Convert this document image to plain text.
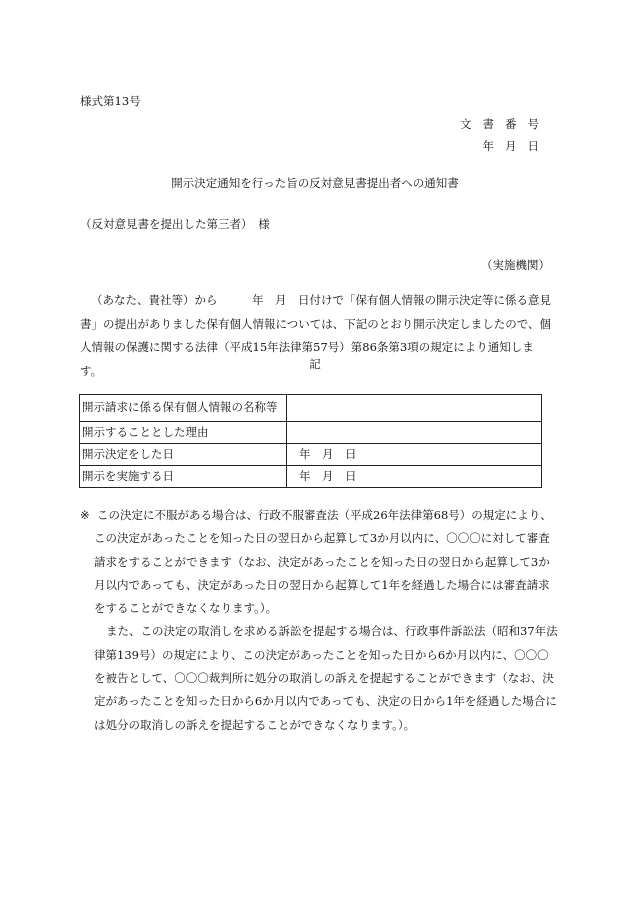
様式第13号
文書番号
年月日
開示決定通知を行った旨の反対意見書提出者への通知書
（反対意見書を提出した第三者）　様
（実施機関）

（あなた、貴社等）から　　　年　月　日付けで「保有個人情報の開示決定等に係る意見書」の提出がありました保有個人情報については、下記のとおり開示決定しましたので、個人情報の保護に関する法律（平成15年法律第57号）第86条第3項の規定により通知します。	記
開示請求に係る保有個人情報の名称等	
開示することとした理由	
開示決定をした日	年　月　日
開示を実施する日	年　月　日
※ この決定に不服がある場合は、行政不服審査法（平成26年法律第68号）の規定により、この決定があったことを知った日の翌日から起算して3か月以内に、〇〇〇に対して審査請求をすることができます（なお、決定があったことを知った日の翌日から起算して3か月以内であっても、決定があった日の翌日から起算して1年を経過した場合には審査請求をすることができなくなります。）。

また、この決定の取消しを求める訴訟を提起する場合は、行政事件訴訟法（昭和37年法律第139号）の規定により、この決定があったことを知った日から6か月以内に、〇〇〇を被告として、〇〇〇裁判所に処分の取消しの訴えを提起することができます（なお、決定があったことを知った日から6か月以内であっても、決定の日から1年を経過した場合には処分の取消しの訴えを提起することができなくなります。）。
